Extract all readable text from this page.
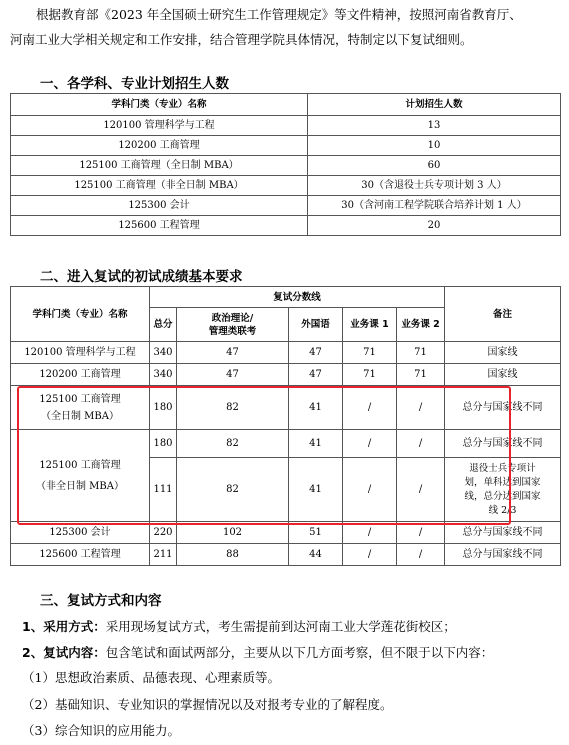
根据教育部《2023 年全国硕士研究生工作管理规定》等文件精神，按照河南省教育厅、

河南工业大学相关规定和工作安排，结合管理学院具体情况，特制定以下复试细则。

一、各学科、专业计划招生人数
学科门类（专业）名称	计划招生人数
120100 管理科学与工程	13
120200 工商管理	10
125100 工商管理（全日制 MBA）	60
125100 工商管理（非全日制 MBA）	30（含退役士兵专项计划 3 人）
125300 会计	30（含河南工程学院联合培养计划 1 人）
125600 工程管理	20
二、进入复试的初试成绩基本要求
学科门类（专业）名称	复试分数线					备注
	总分	政治理论/
管理类联考	外国语	业务课 1	业务课 2	
120100 管理科学与工程	340	47	47	71	71	国家线
120200 工商管理	340	47	47	71	71	国家线

125100 工商管理
（全日制 MBA）	180	82	41	/	/	总分与国家线不同

125100 工商管理
（非全日制 MBA）	180	82	41	/	/	总分与国家线不同
	111	82	41	/	/	退役士兵专项计
划，单科达到国家
线，总分达到国家
线 2/3

125300 会计	220	102	51	/	/	总分与国家线不同
125600 工程管理	211	88	44	/	/	总分与国家线不同
三、复试方式和内容
1、采用方式：采用现场复试方式，考生需提前到达河南工业大学莲花街校区；
2、复试内容：包含笔试和面试两部分，主要从以下几方面考察，但不限于以下内容：
（1）思想政治素质、品德表现、心理素质等。
（2）基础知识、专业知识的掌握情况以及对报考专业的了解程度。
（3）综合知识的应用能力。
